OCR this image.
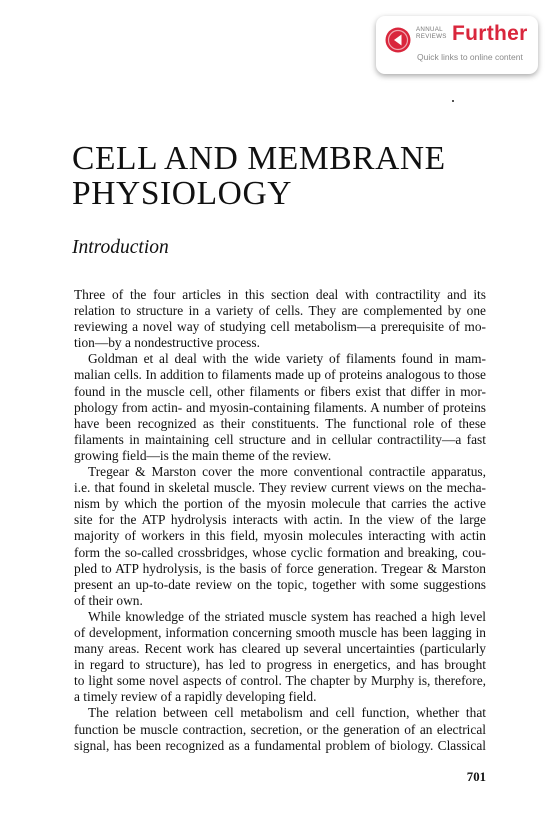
ANNUAL
REVIEWS Further
Quick links to online content
CELL AND MEMBRANE
PHYSIOLOGY
Introduction
Three of the four articles in this section deal with contractility and its
relation to structure in a variety of cells. They are complemented by one
reviewing a novel way of studying cell metabolism—a prerequisite of mo-
tion—by a nondestructive process.
Goldman et al deal with the wide variety of filaments found in mam-
malian cells. In addition to filaments made up of proteins analogous to those
found in the muscle cell, other filaments or fibers exist that differ in mor-
phology from actin- and myosin-containing filaments. A number of proteins
have been recognized as their constituents. The functional role of these
filaments in maintaining cell structure and in cellular contractility—a fast
growing field—is the main theme of the review.
Tregear & Marston cover the more conventional contractile apparatus,
i.e. that found in skeletal muscle. They review current views on the mecha-
nism by which the portion of the myosin molecule that carries the active
site for the ATP hydrolysis interacts with actin. In the view of the large
majority of workers in this field, myosin molecules interacting with actin
form the so-called crossbridges, whose cyclic formation and breaking, cou-
pled to ATP hydrolysis, is the basis of force generation. Tregear & Marston
present an up-to-date review on the topic, together with some suggestions
of their own.
While knowledge of the striated muscle system has reached a high level
of development, information concerning smooth muscle has been lagging in
many areas. Recent work has cleared up several uncertainties (particularly
in regard to structure), has led to progress in energetics, and has brought
to light some novel aspects of control. The chapter by Murphy is, therefore,
a timely review of a rapidly developing field.
The relation between cell metabolism and cell function, whether that
function be muscle contraction, secretion, or the generation of an electrical
signal, has been recognized as a fundamental problem of biology. Classical
701
